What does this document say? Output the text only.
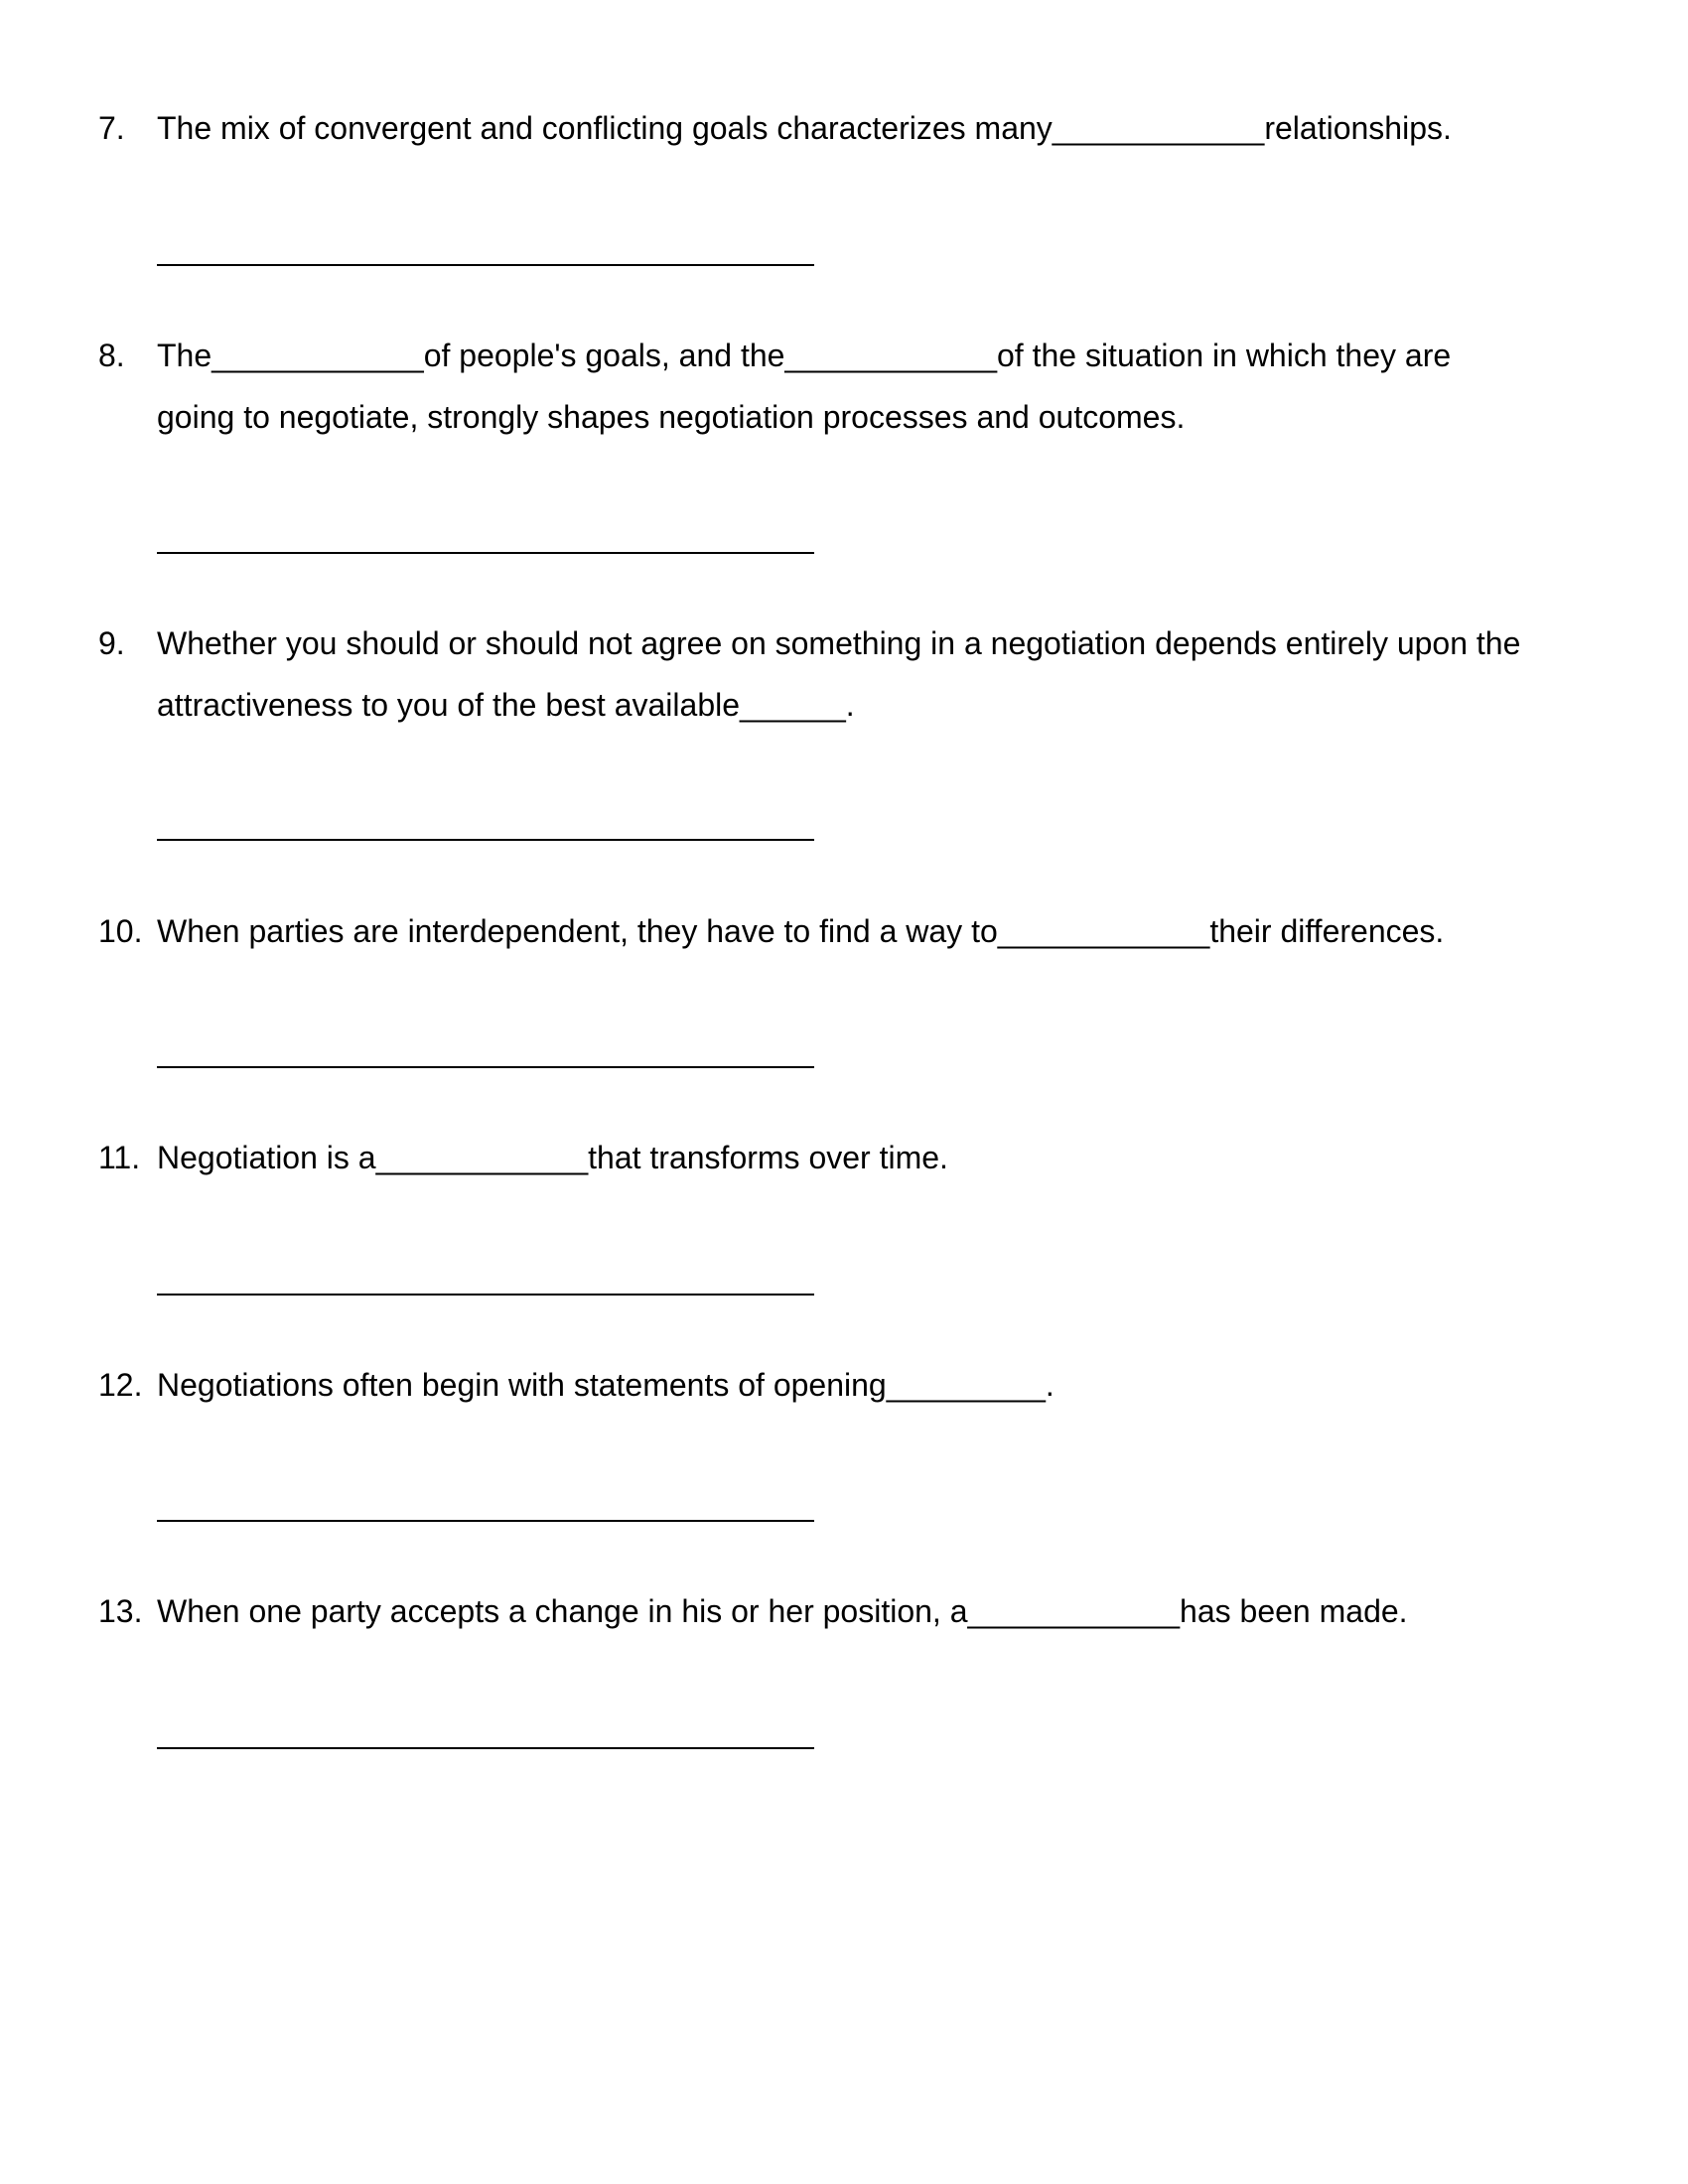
7. The mix of convergent and conflicting goals characterizes many____________relationships.
8. The____________of people's goals, and the____________of the situation in which they are
going to negotiate, strongly shapes negotiation processes and outcomes.
9. Whether you should or should not agree on something in a negotiation depends entirely upon the
attractiveness to you of the best available______.
10. When parties are interdependent, they have to find a way to____________their differences.
11. Negotiation is a____________that transforms over time.
12. Negotiations often begin with statements of opening_________.
13. When one party accepts a change in his or her position, a____________has been made.
